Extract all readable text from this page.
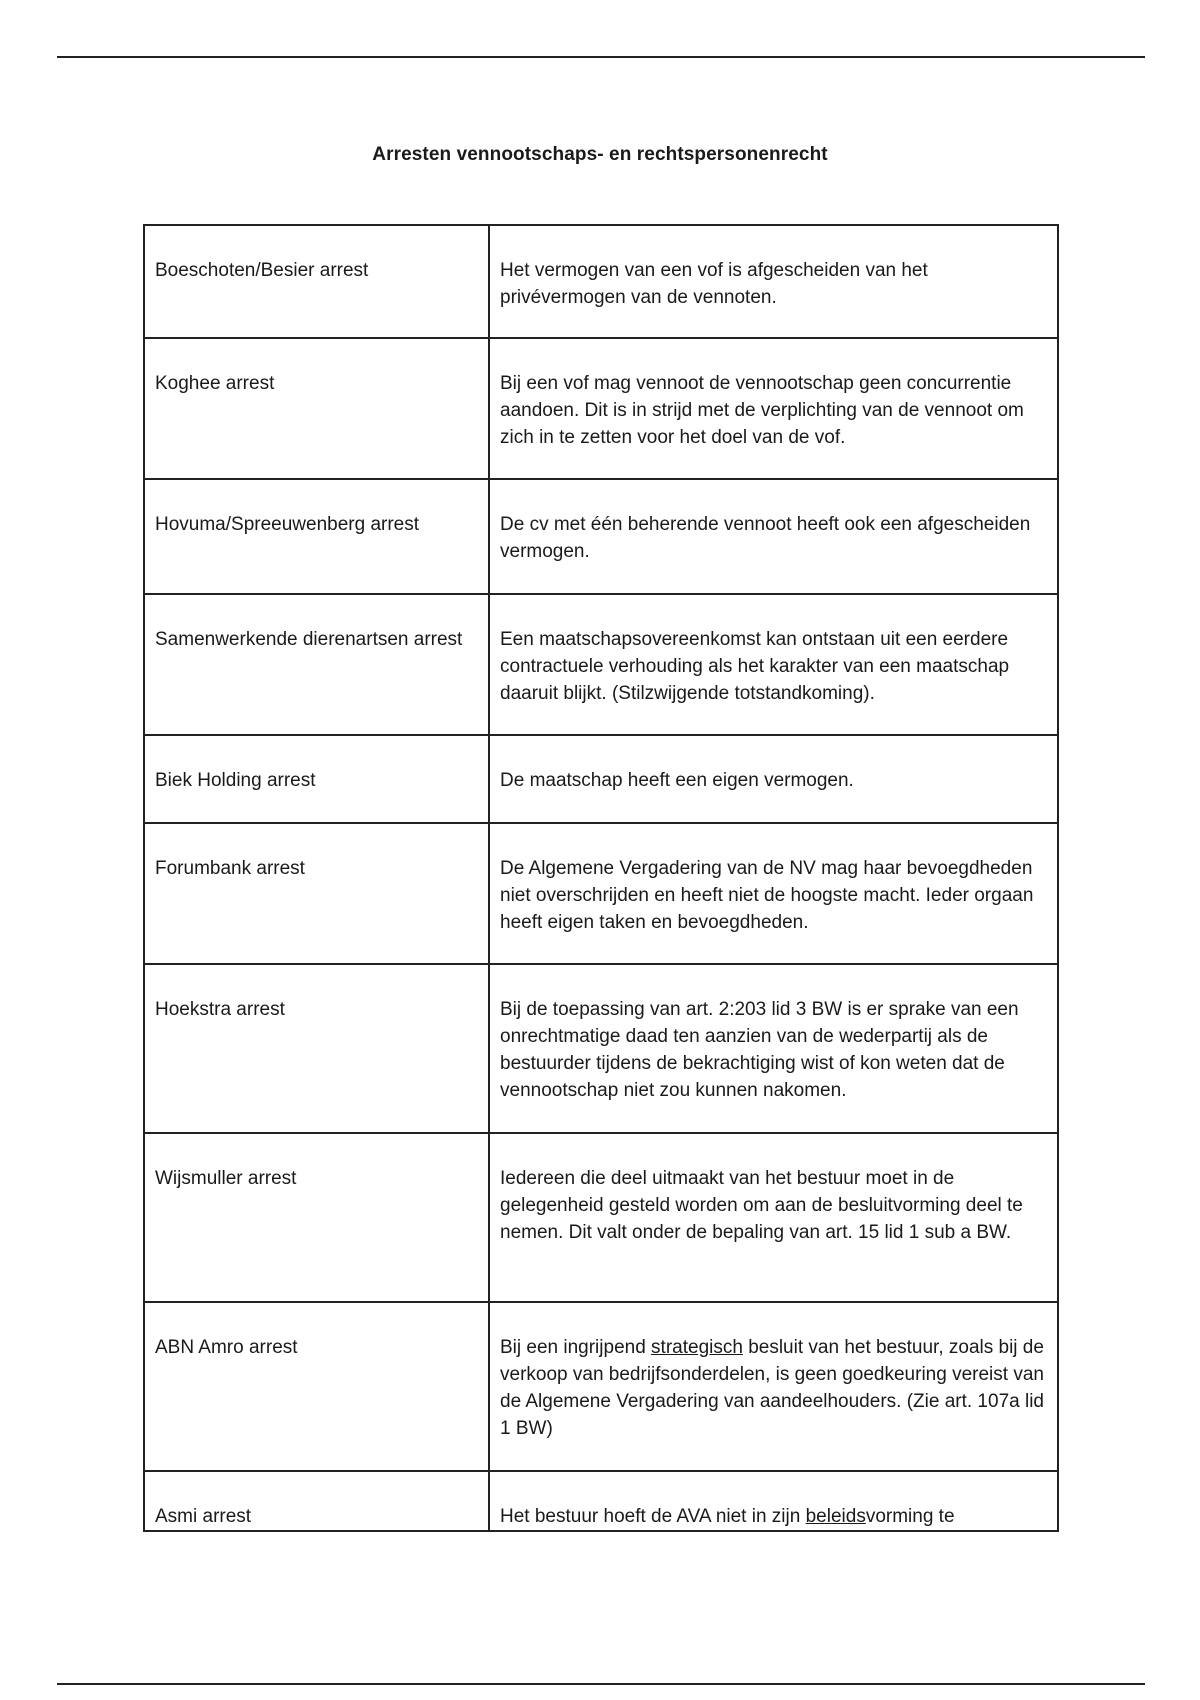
Arresten vennootschaps- en rechtspersonenrecht
Boeschoten/Besier arrest	Het vermogen van een vof is afgescheiden van het privévermogen van de vennoten.
Koghee arrest	Bij een vof mag vennoot de vennootschap geen concurrentie aandoen. Dit is in strijd met de verplichting van de vennoot om zich in te zetten voor het doel van de vof.
Hovuma/Spreeuwenberg arrest	De cv met één beherende vennoot heeft ook een afgescheiden vermogen.
Samenwerkende dierenartsen arrest	Een maatschapsovereenkomst kan ontstaan uit een eerdere contractuele verhouding als het karakter van een maatschap daaruit blijkt. (Stilzwijgende totstandkoming).
Biek Holding arrest	De maatschap heeft een eigen vermogen.
Forumbank arrest	De Algemene Vergadering van de NV mag haar bevoegdheden niet overschrijden en heeft niet de hoogste macht. Ieder orgaan heeft eigen taken en bevoegdheden.
Hoekstra arrest	Bij de toepassing van art. 2:203 lid 3 BW is er sprake van een onrechtmatige daad ten aanzien van de wederpartij als de bestuurder tijdens de bekrachtiging wist of kon weten dat de vennootschap niet zou kunnen nakomen.
Wijsmuller arrest	Iedereen die deel uitmaakt van het bestuur moet in de gelegenheid gesteld worden om aan de besluitvorming deel te nemen. Dit valt onder de bepaling van art. 15 lid 1 sub a BW.
ABN Amro arrest	Bij een ingrijpend strategisch besluit van het bestuur, zoals bij de verkoop van bedrijfsonderdelen, is geen goedkeuring vereist van de Algemene Vergadering van aandeelhouders. (Zie art. 107a lid 1 BW)
Asmi arrest	Het bestuur hoeft de AVA niet in zijn beleidsvorming te
